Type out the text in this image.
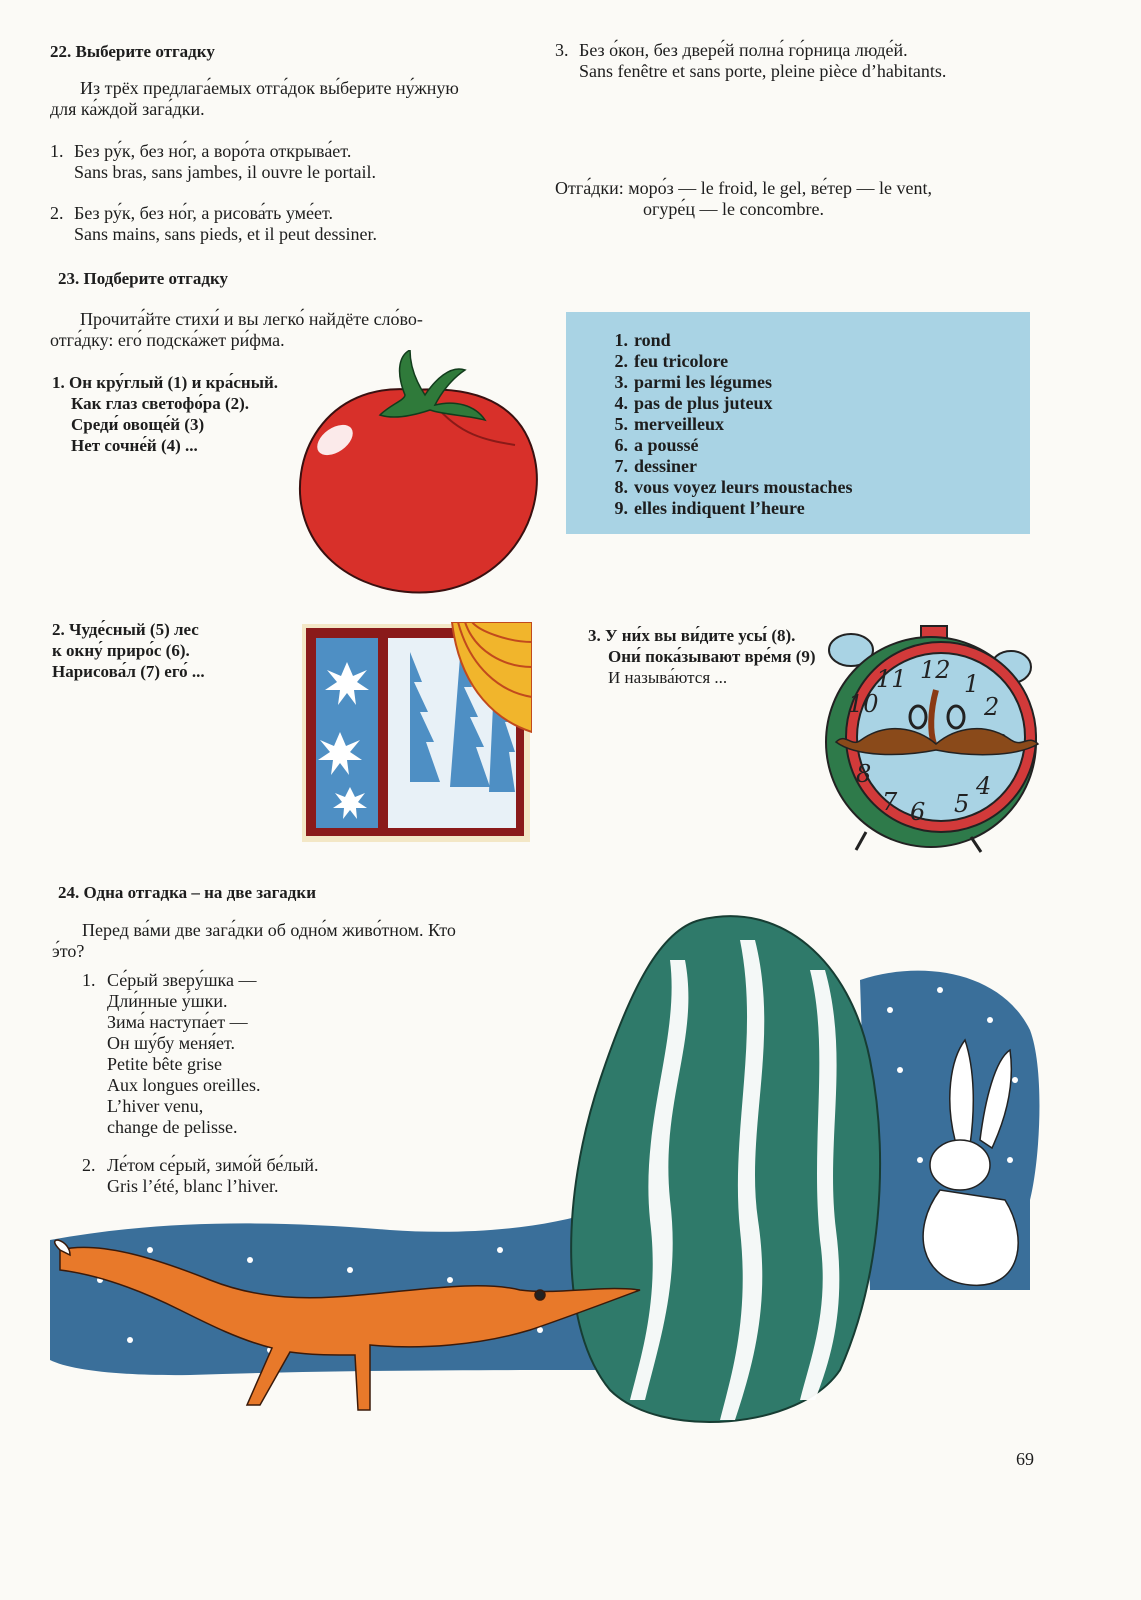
22. Выберите отгадку
Из трёх предлага́емых отга́док вы́берите ну́жную
для ка́ждой зага́дки.
1. Без ру́к, без но́г, а воро́та открыва́ет.
Sans bras, sans jambes, il ouvre le portail.
2. Без ру́к, без но́г, а рисова́ть уме́ет.
Sans mains, sans pieds, et il peut dessiner.
3. Без о́кон, без двере́й полна́ го́рница люде́й.
Sans fenêtre et sans porte, pleine pièce d’habitants.
Отга́дки: моро́з — le froid, le gel, ве́тер — le vent,
огуре́ц — le concombre.
23. Подберите отгадку
Прочита́йте стихи́ и вы легко́ найдёте сло́во-
отга́дку: его́ подска́жет ри́фма.
1. Он кру́глый (1) и кра́сный.
Как глаз светофо́ра (2).
Среди́ овоще́й (3)
Нет сочне́й (4) ...
1. rond
2. feu tricolore
3. parmi les légumes
4. pas de plus juteux
5. merveilleux
6. a poussé
7. dessiner
8. vous voyez leurs moustaches
9. elles indiquent l’heure
2. Чуде́сный (5) лес
к окну́ приро́с (6).
Нарисова́л (7) его́ ...
3. У ни́х вы ви́дите усы́ (8).
Они́ пока́зывают вре́мя (9)
И называ́ются ...	11 12 1
2
4
5
6
7
8
10
24. Одна отгадка – на две загадки
Перед ва́ми две зага́дки об одно́м живо́тном. Кто
э́то?
1. Се́рый зверу́шка —
Дли́нные у́шки.
Зима́ наступа́ет —
Он шу́бу меня́ет.
Petite bête grise
Aux longues oreilles.
L’hiver venu,
change de pelisse.
2. Ле́том се́рый, зимо́й бе́лый.
Gris l’été, blanc l’hiver.
69
